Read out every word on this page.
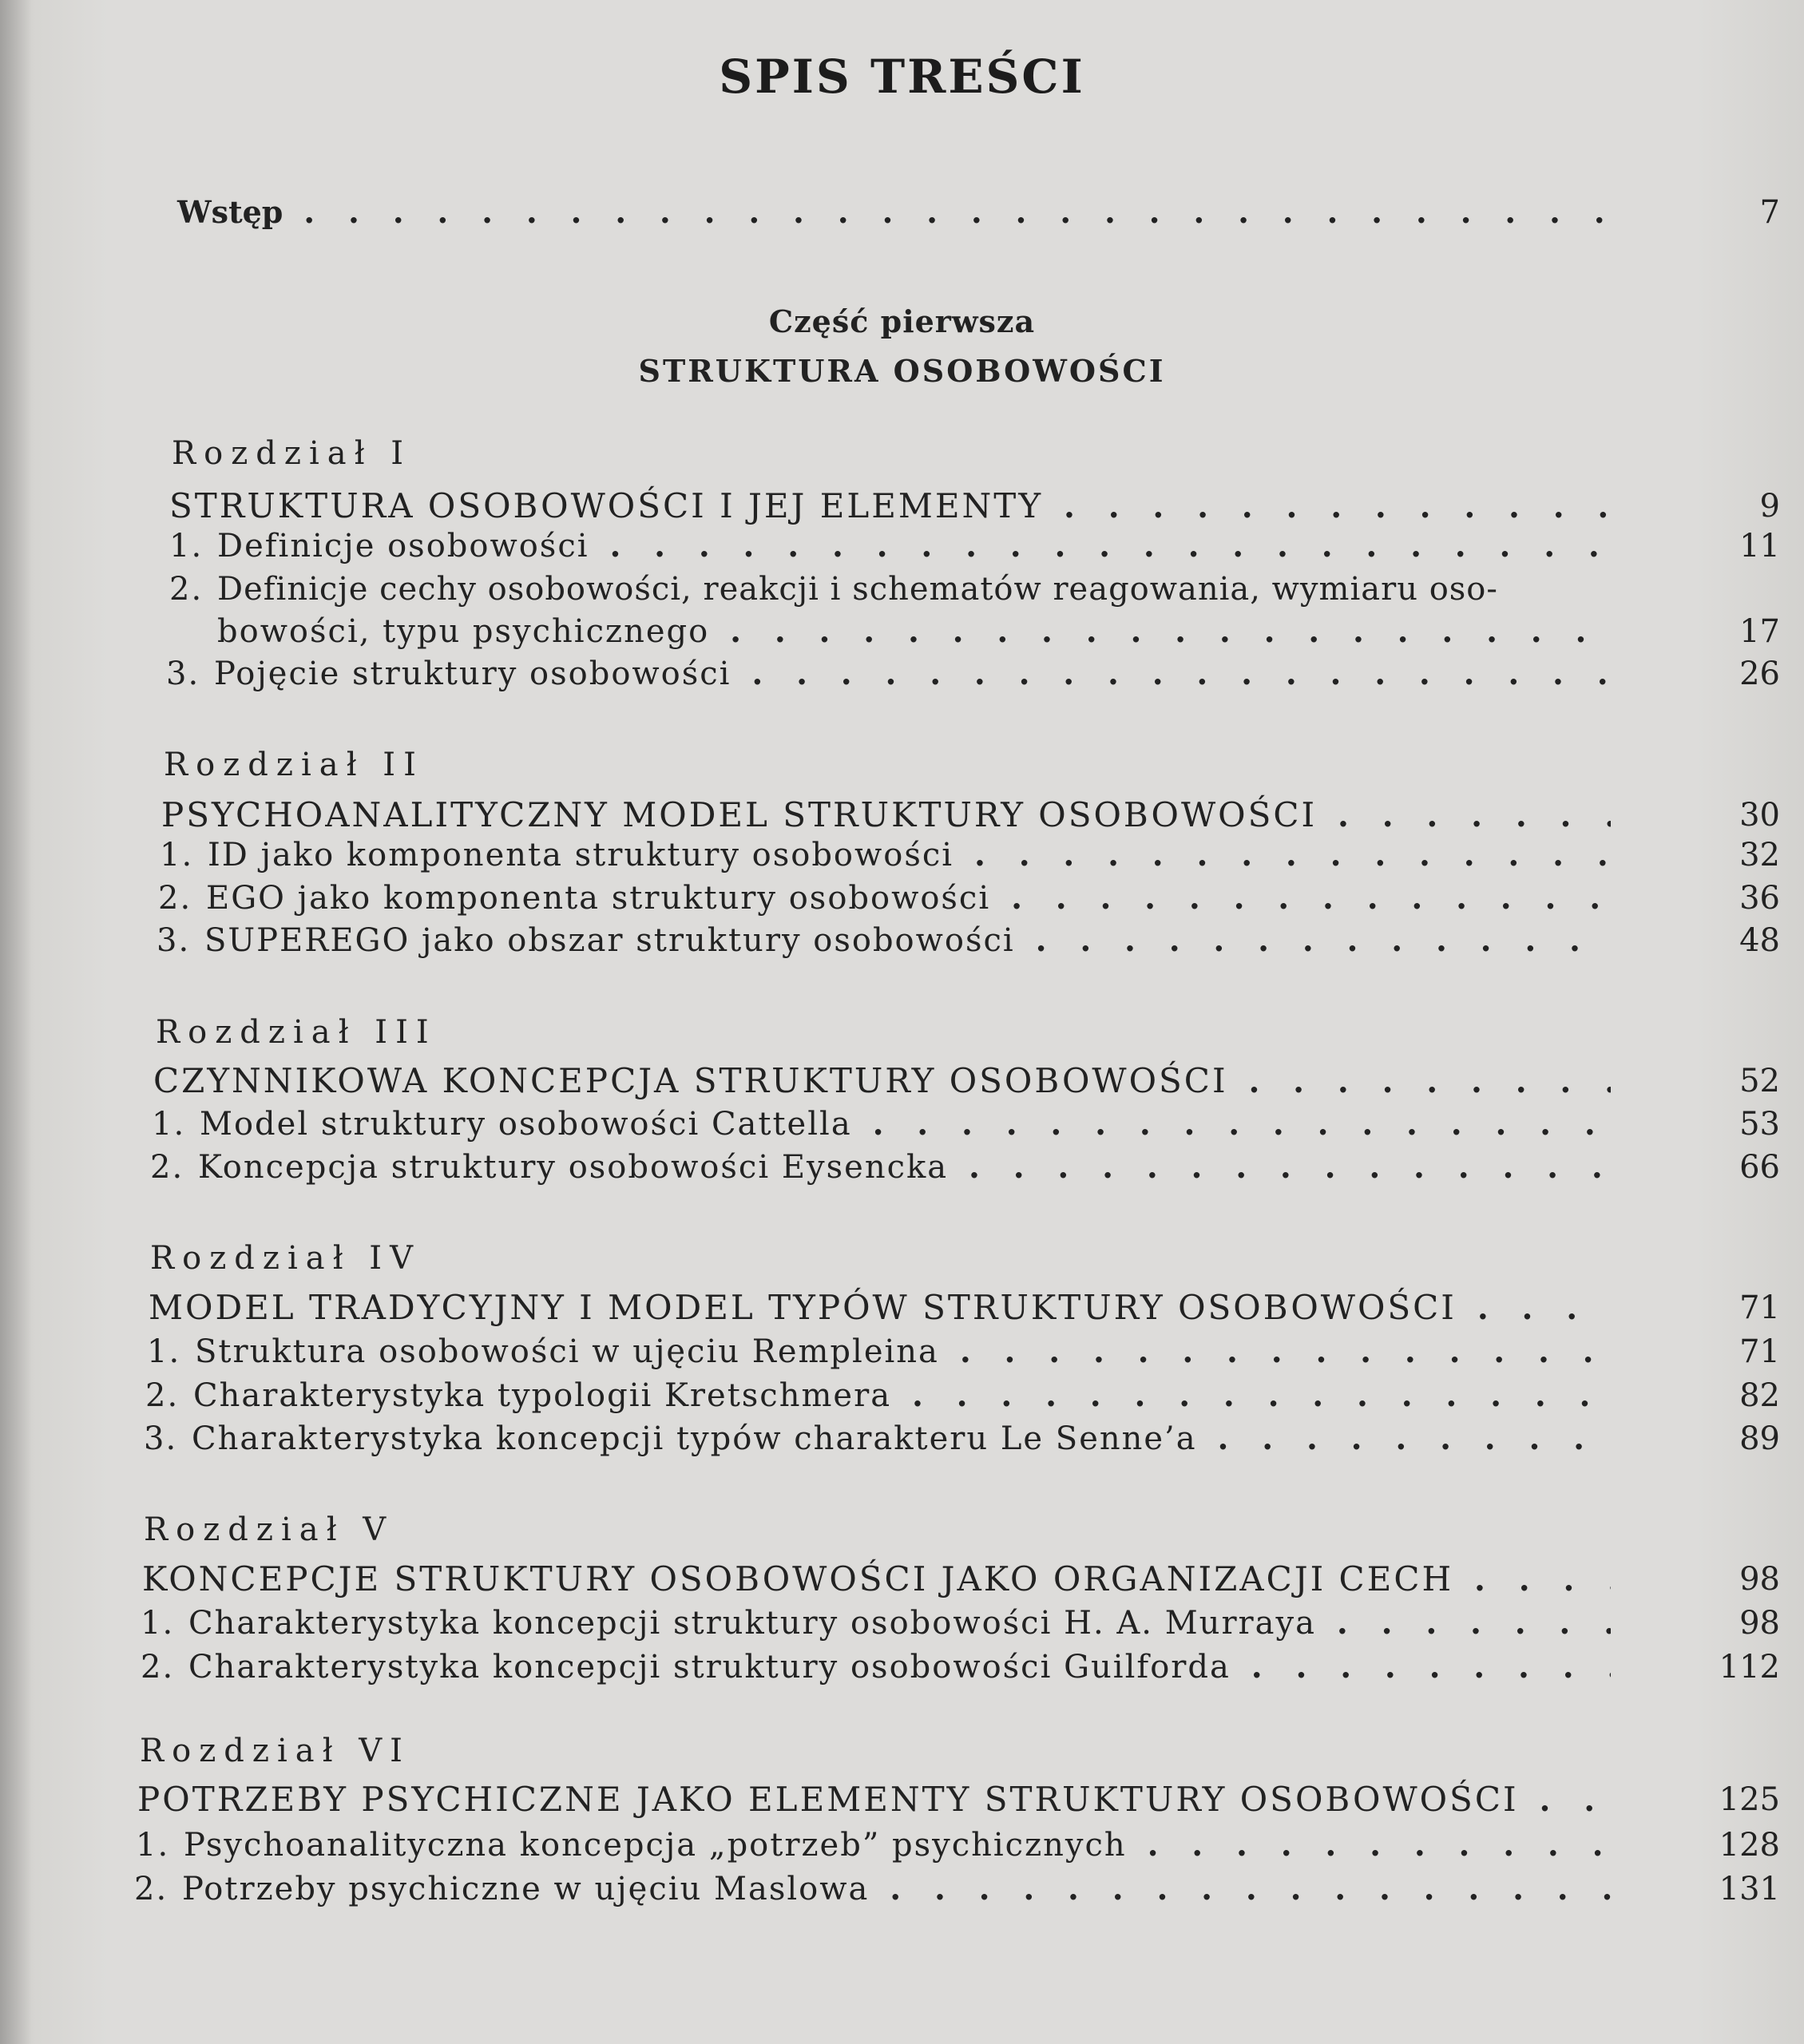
SPIS TREŚCI
Wstęp . .	7
Część pierwsza
STRUKTURA OSOBOWOŚCI
Rozdział I
STRUKTURA OSOBOWOŚCI I JEJ ELEMENTY . .	9
1. Definicje osobowości . .	11
2. Definicje cechy osobowości, reakcji i schematów reagowania, wymiaru oso-
bowości, typu psychicznego . .	17
3. Pojęcie struktury osobowości . .	26
Rozdział II
PSYCHOANALITYCZNY MODEL STRUKTURY OSOBOWOŚCI . .	30
1. ID jako komponenta struktury osobowości . .	32
2. EGO jako komponenta struktury osobowości . .	36
3. SUPEREGO jako obszar struktury osobowości . .	48
Rozdział III
CZYNNIKOWA KONCEPCJA STRUKTURY OSOBOWOŚCI . .	52
1. Model struktury osobowości Cattella . .	53
2. Koncepcja struktury osobowości Eysencka . .	66
Rozdział IV
MODEL TRADYCYJNY I MODEL TYPÓW STRUKTURY OSOBOWOŚCI . .	71
1. Struktura osobowości w ujęciu Rempleina . .	71
2. Charakterystyka typologii Kretschmera . .	82
3. Charakterystyka koncepcji typów charakteru Le Senne’a . .	89
Rozdział V
KONCEPCJE STRUKTURY OSOBOWOŚCI JAKO ORGANIZACJI CECH . .	98
1. Charakterystyka koncepcji struktury osobowości H. A. Murraya . .	98
2. Charakterystyka koncepcji struktury osobowości Guilforda . .	112
Rozdział VI
POTRZEBY PSYCHICZNE JAKO ELEMENTY STRUKTURY OSOBOWOŚCI . .	125
1. Psychoanalityczna koncepcja „potrzeb” psychicznych . .	128
2. Potrzeby psychiczne w ujęciu Maslowa . .	131
